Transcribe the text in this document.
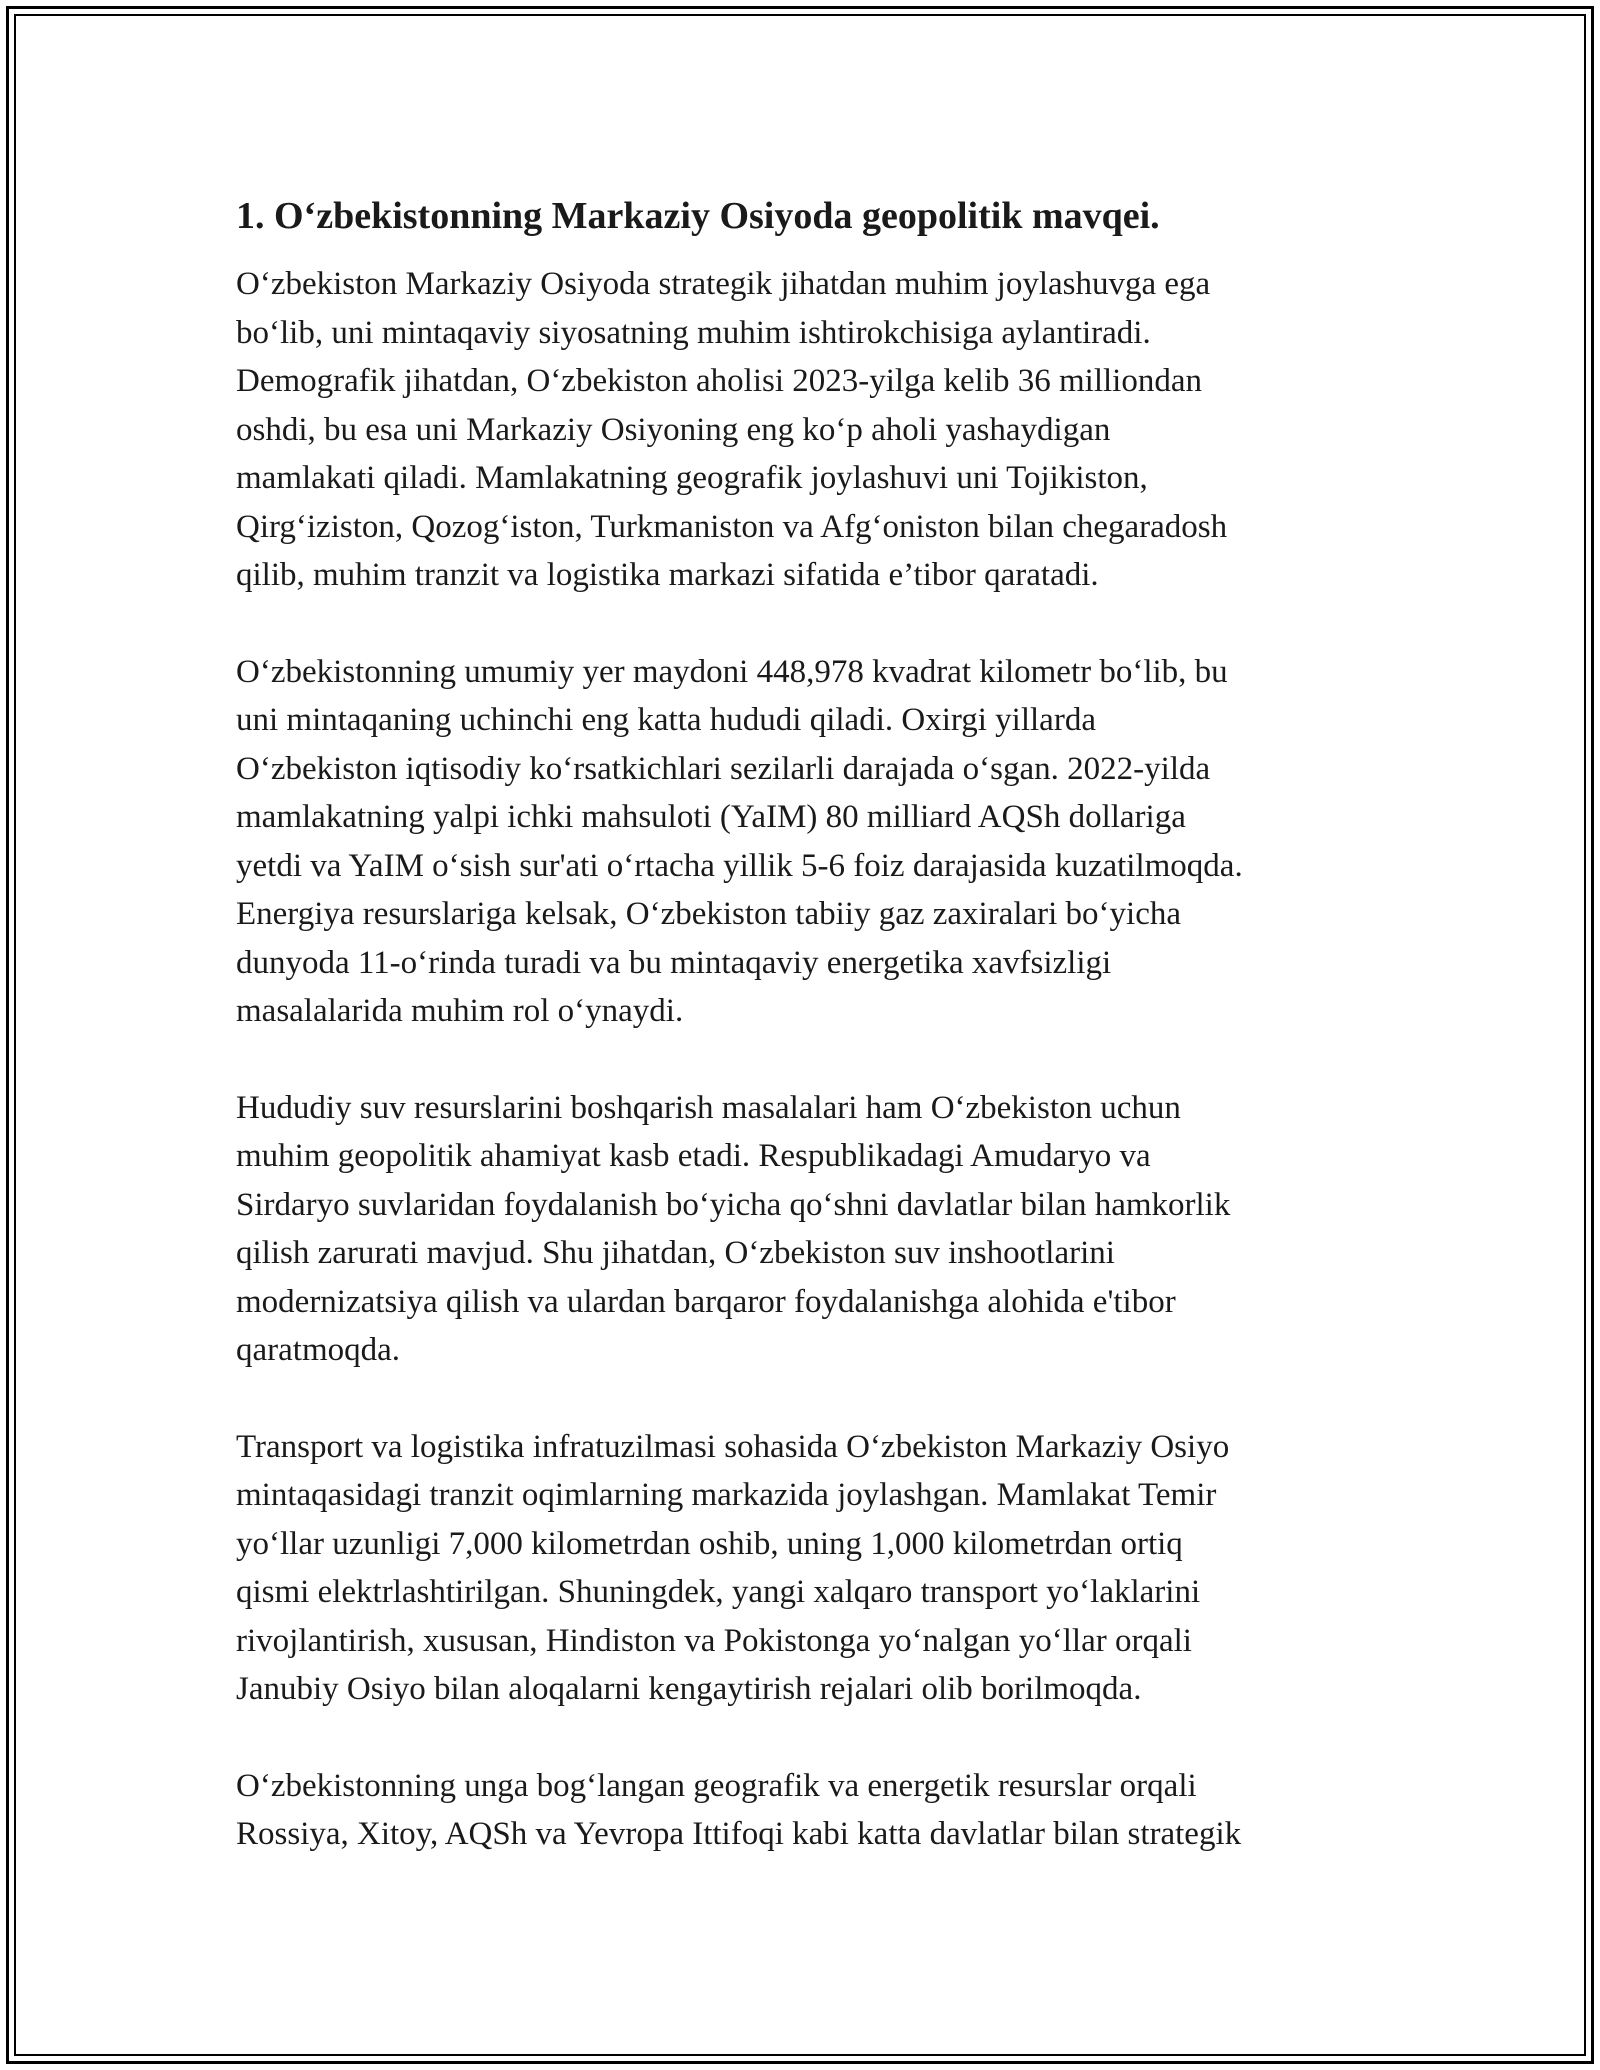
1. O‘zbekistonning Markaziy Osiyoda geopolitik mavqei.

O‘zbekiston Markaziy Osiyoda strategik jihatdan muhim joylashuvga ega
bo‘lib, uni mintaqaviy siyosatning muhim ishtirokchisiga aylantiradi.
Demografik jihatdan, O‘zbekiston aholisi 2023-yilga kelib 36 milliondan
oshdi, bu esa uni Markaziy Osiyoning eng ko‘p aholi yashaydigan
mamlakati qiladi. Mamlakatning geografik joylashuvi uni Tojikiston,
Qirg‘iziston, Qozog‘iston, Turkmaniston va Afg‘oniston bilan chegaradosh
qilib, muhim tranzit va logistika markazi sifatida e’tibor qaratadi.

O‘zbekistonning umumiy yer maydoni 448,978 kvadrat kilometr bo‘lib, bu
uni mintaqaning uchinchi eng katta hududi qiladi. Oxirgi yillarda
O‘zbekiston iqtisodiy ko‘rsatkichlari sezilarli darajada o‘sgan. 2022-yilda
mamlakatning yalpi ichki mahsuloti (YaIM) 80 milliard AQSh dollariga
yetdi va YaIM o‘sish sur'ati o‘rtacha yillik 5-6 foiz darajasida kuzatilmoqda.
Energiya resurslariga kelsak, O‘zbekiston tabiiy gaz zaxiralari bo‘yicha
dunyoda 11-o‘rinda turadi va bu mintaqaviy energetika xavfsizligi
masalalarida muhim rol o‘ynaydi.

Hududiy suv resurslarini boshqarish masalalari ham O‘zbekiston uchun
muhim geopolitik ahamiyat kasb etadi. Respublikadagi Amudaryo va
Sirdaryo suvlaridan foydalanish bo‘yicha qo‘shni davlatlar bilan hamkorlik
qilish zarurati mavjud. Shu jihatdan, O‘zbekiston suv inshootlarini
modernizatsiya qilish va ulardan barqaror foydalanishga alohida e'tibor
qaratmoqda.

Transport va logistika infratuzilmasi sohasida O‘zbekiston Markaziy Osiyo
mintaqasidagi tranzit oqimlarning markazida joylashgan. Mamlakat Temir
yo‘llar uzunligi 7,000 kilometrdan oshib, uning 1,000 kilometrdan ortiq
qismi elektrlashtirilgan. Shuningdek, yangi xalqaro transport yo‘laklarini
rivojlantirish, xususan, Hindiston va Pokistonga yo‘nalgan yo‘llar orqali
Janubiy Osiyo bilan aloqalarni kengaytirish rejalari olib borilmoqda.

O‘zbekistonning unga bog‘langan geografik va energetik resurslar orqali
Rossiya, Xitoy, AQSh va Yevropa Ittifoqi kabi katta davlatlar bilan strategik
